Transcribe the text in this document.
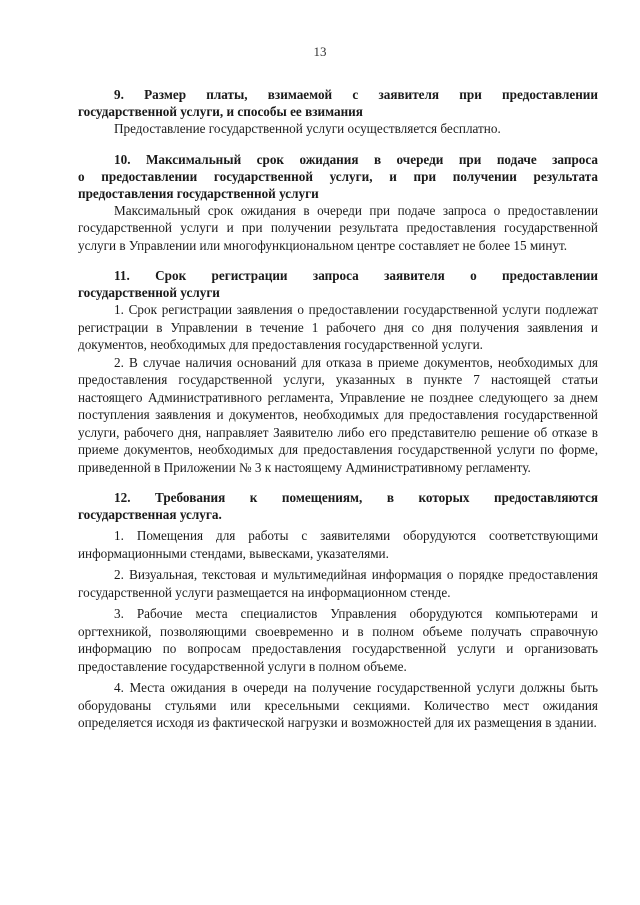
13

9. Размер платы, взимаемой с заявителя при предоставлении
государственной услуги, и способы ее взимания

Предоставление государственной услуги осуществляется бесплатно.

10. Максимальный срок ожидания в очереди при подаче запроса
о предоставлении государственной услуги, и при получении результата предоставления государственной услуги

Максимальный срок ожидания в очереди при подаче запроса о предоставлении государственной услуги и при получении результата предоставления государственной услуги в Управлении или многофункциональном центре составляет не более 15 минут.

11. Срок регистрации запроса заявителя о предоставлении
государственной услуги

1. Срок регистрации заявления о предоставлении государственной услуги подлежат регистрации в Управлении в течение 1 рабочего дня со дня получения заявления и документов, необходимых для предоставления государственной услуги.

2. В случае наличия оснований для отказа в приеме документов, необходимых для предоставления государственной услуги, указанных в пункте 7 настоящей статьи настоящего Административного регламента, Управление не позднее следующего за днем поступления заявления и документов, необходимых для предоставления государственной услуги, рабочего дня, направляет Заявителю либо его представителю решение об отказе в приеме документов, необходимых для предоставления государственной услуги по форме, приведенной в Приложении № 3 к настоящему Административному регламенту.

12. Требования к помещениям, в которых предоставляются
государственная услуга.

1. Помещения для работы с заявителями оборудуются соответствующими информационными стендами, вывесками, указателями.

2. Визуальная, текстовая и мультимедийная информация о порядке предоставления государственной услуги размещается на информационном стенде.

3. Рабочие места специалистов Управления оборудуются компьютерами и оргтехникой, позволяющими своевременно и в полном объеме получать справочную информацию по вопросам предоставления государственной услуги и организовать предоставление государственной услуги в полном объеме.

4. Места ожидания в очереди на получение государственной услуги должны быть оборудованы стульями или кресельными секциями. Количество мест ожидания определяется исходя из фактической нагрузки и возможностей для их размещения в здании.
